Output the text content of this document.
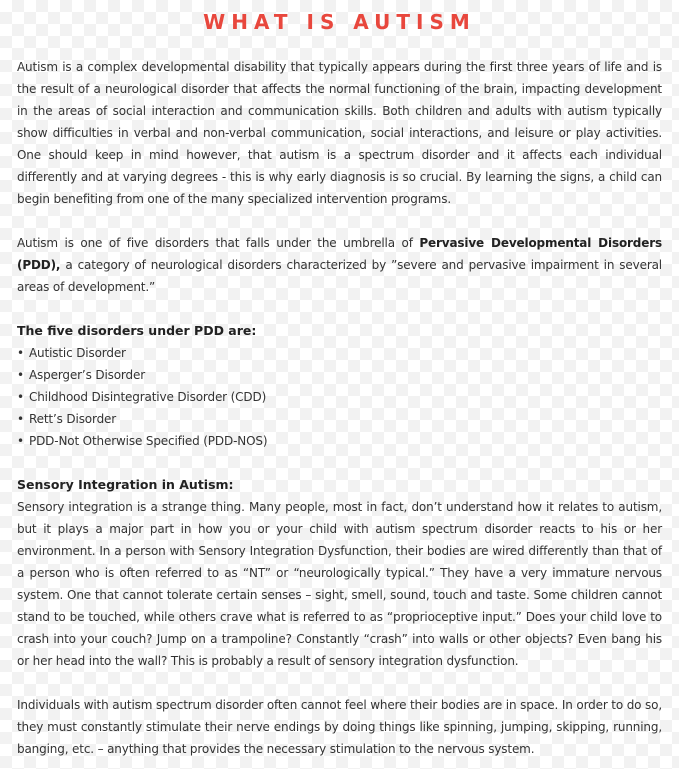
WHAT IS AUTISM

Autism is a complex developmental disability that typically appears during the first three years of life and is the result of a neurological disorder that affects the normal functioning of the brain, impacting development in the areas of social interaction and communication skills. Both children and adults with autism typically show difficulties in verbal and non-verbal communication, social interactions, and leisure or play activities. One should keep in mind however, that autism is a spectrum disorder and it affects each individual differently and at varying degrees - this is why early diagnosis is so crucial. By learning the signs, a child can begin benefiting from one of the many specialized intervention programs.

Autism is one of five disorders that falls under the umbrella of Pervasive Developmental Disorders (PDD), a category of neurological disorders characterized by ”severe and pervasive impairment in several areas of development.”

The five disorders under PDD are:
• Autistic Disorder
• Asperger’s Disorder
• Childhood Disintegrative Disorder (CDD)
• Rett’s Disorder
• PDD-Not Otherwise Specified (PDD-NOS)
Sensory Integration in Autism:

Sensory integration is a strange thing. Many people, most in fact, don’t understand how it relates to autism, but it plays a major part in how you or your child with autism spectrum disorder reacts to his or her environment. In a person with Sensory Integration Dysfunction, their bodies are wired differently than that of a person who is often referred to as “NT” or “neurologically typical.” They have a very immature nervous system. One that cannot tolerate certain senses – sight, smell, sound, touch and taste. Some children cannot stand to be touched, while others crave what is referred to as “proprioceptive input.” Does your child love to crash into your couch? Jump on a trampoline? Constantly “crash” into walls or other objects? Even bang his or her head into the wall? This is probably a result of sensory integration dysfunction.

Individuals with autism spectrum disorder often cannot feel where their bodies are in space. In order to do so, they must constantly stimulate their nerve endings by doing things like spinning, jumping, skipping, running, banging, etc. – anything that provides the necessary stimulation to the nervous system.
